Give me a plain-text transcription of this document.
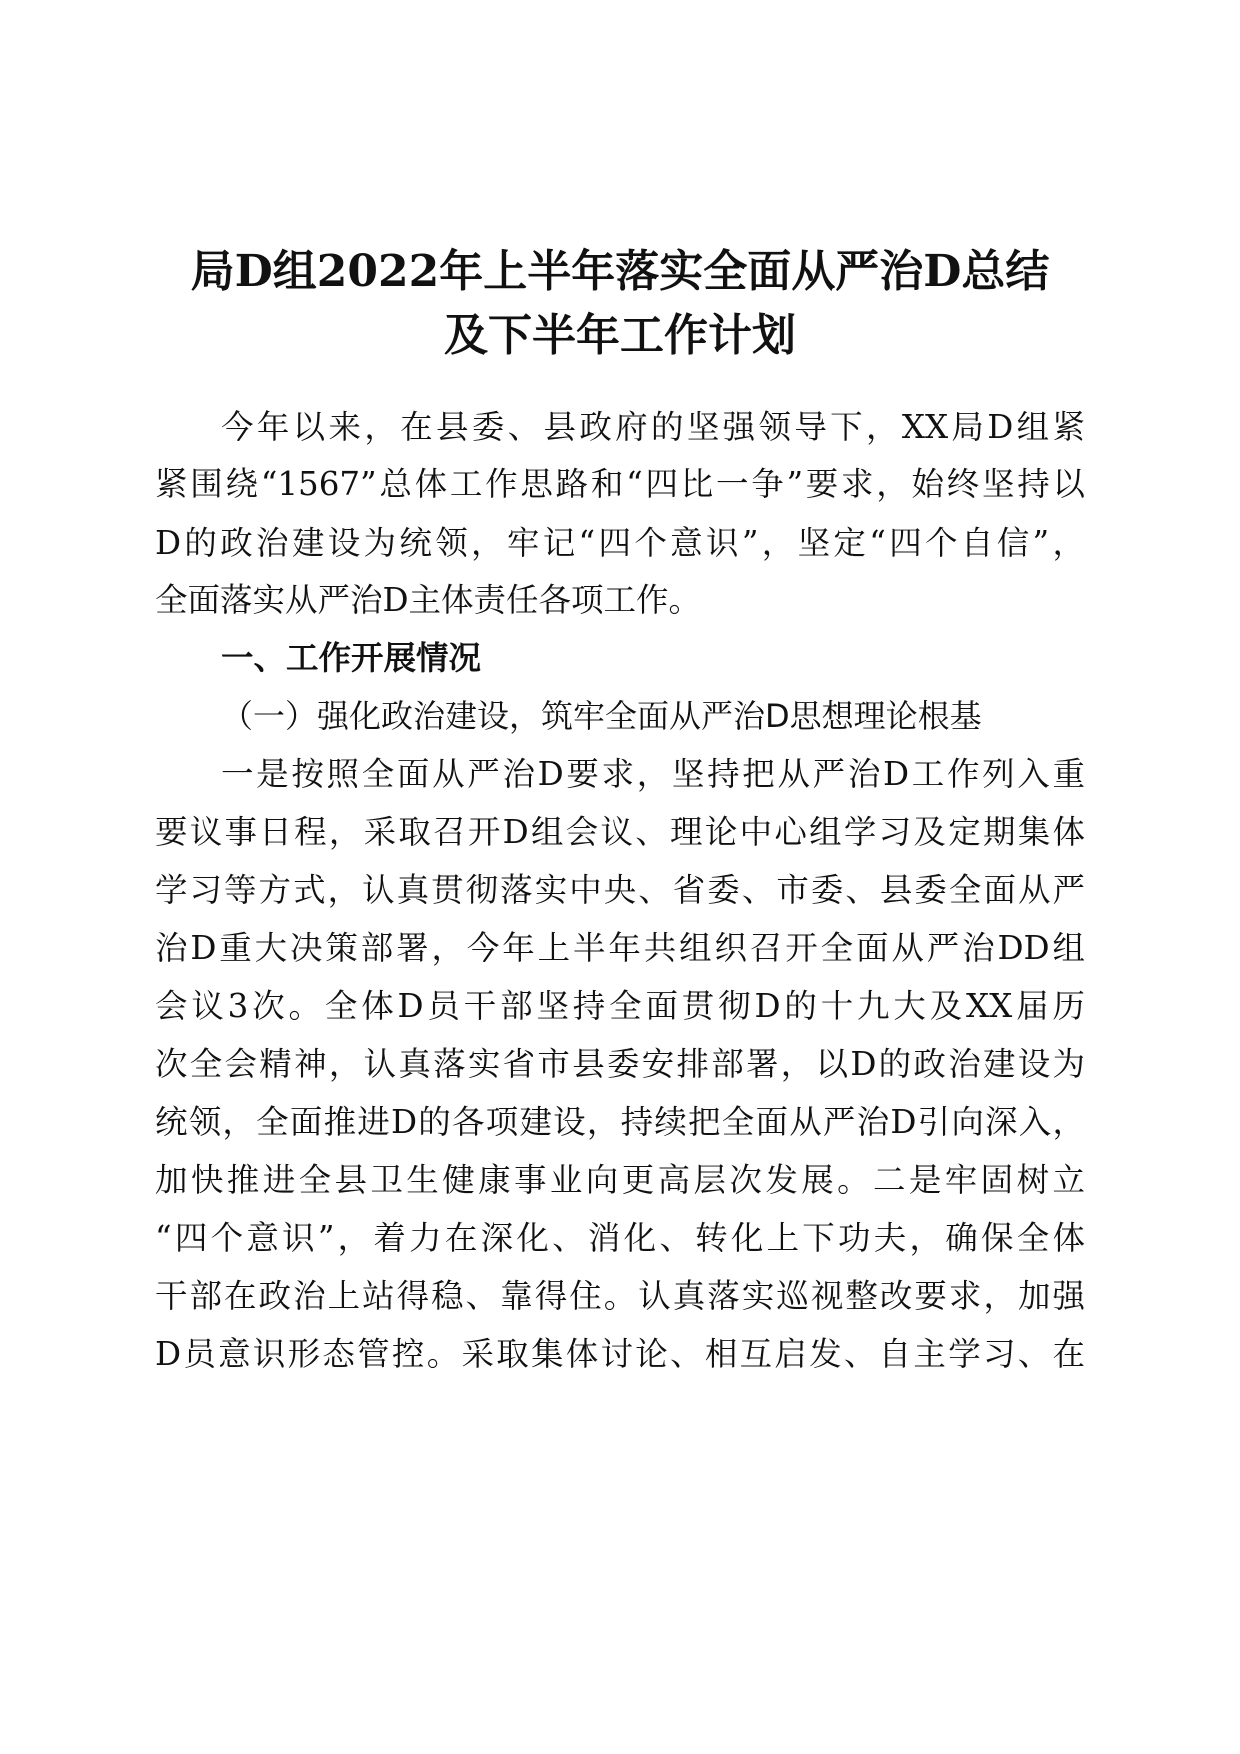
局D组2022年上半年落实全面从严治D总结
及下半年工作计划
今年以来，在县委、县政府的坚强领导下，XX局D组紧
紧围绕“1567”总体工作思路和“四比一争”要求，始终坚持以
D的政治建设为统领，牢记“四个意识”，坚定“四个自信”，
全面落实从严治D主体责任各项工作。
一、工作开展情况
（一）强化政治建设，筑牢全面从严治D思想理论根基
一是按照全面从严治D要求，坚持把从严治D工作列入重
要议事日程，采取召开D组会议、理论中心组学习及定期集体
学习等方式，认真贯彻落实中央、省委、市委、县委全面从严
治D重大决策部署，今年上半年共组织召开全面从严治DD组
会议3次。全体D员干部坚持全面贯彻D的十九大及XX届历
次全会精神，认真落实省市县委安排部署，以D的政治建设为
统领，全面推进D的各项建设，持续把全面从严治D引向深入，
加快推进全县卫生健康事业向更高层次发展。二是牢固树立
“四个意识”，着力在深化、消化、转化上下功夫，确保全体
干部在政治上站得稳、靠得住。认真落实巡视整改要求，加强
D员意识形态管控。采取集体讨论、相互启发、自主学习、在
